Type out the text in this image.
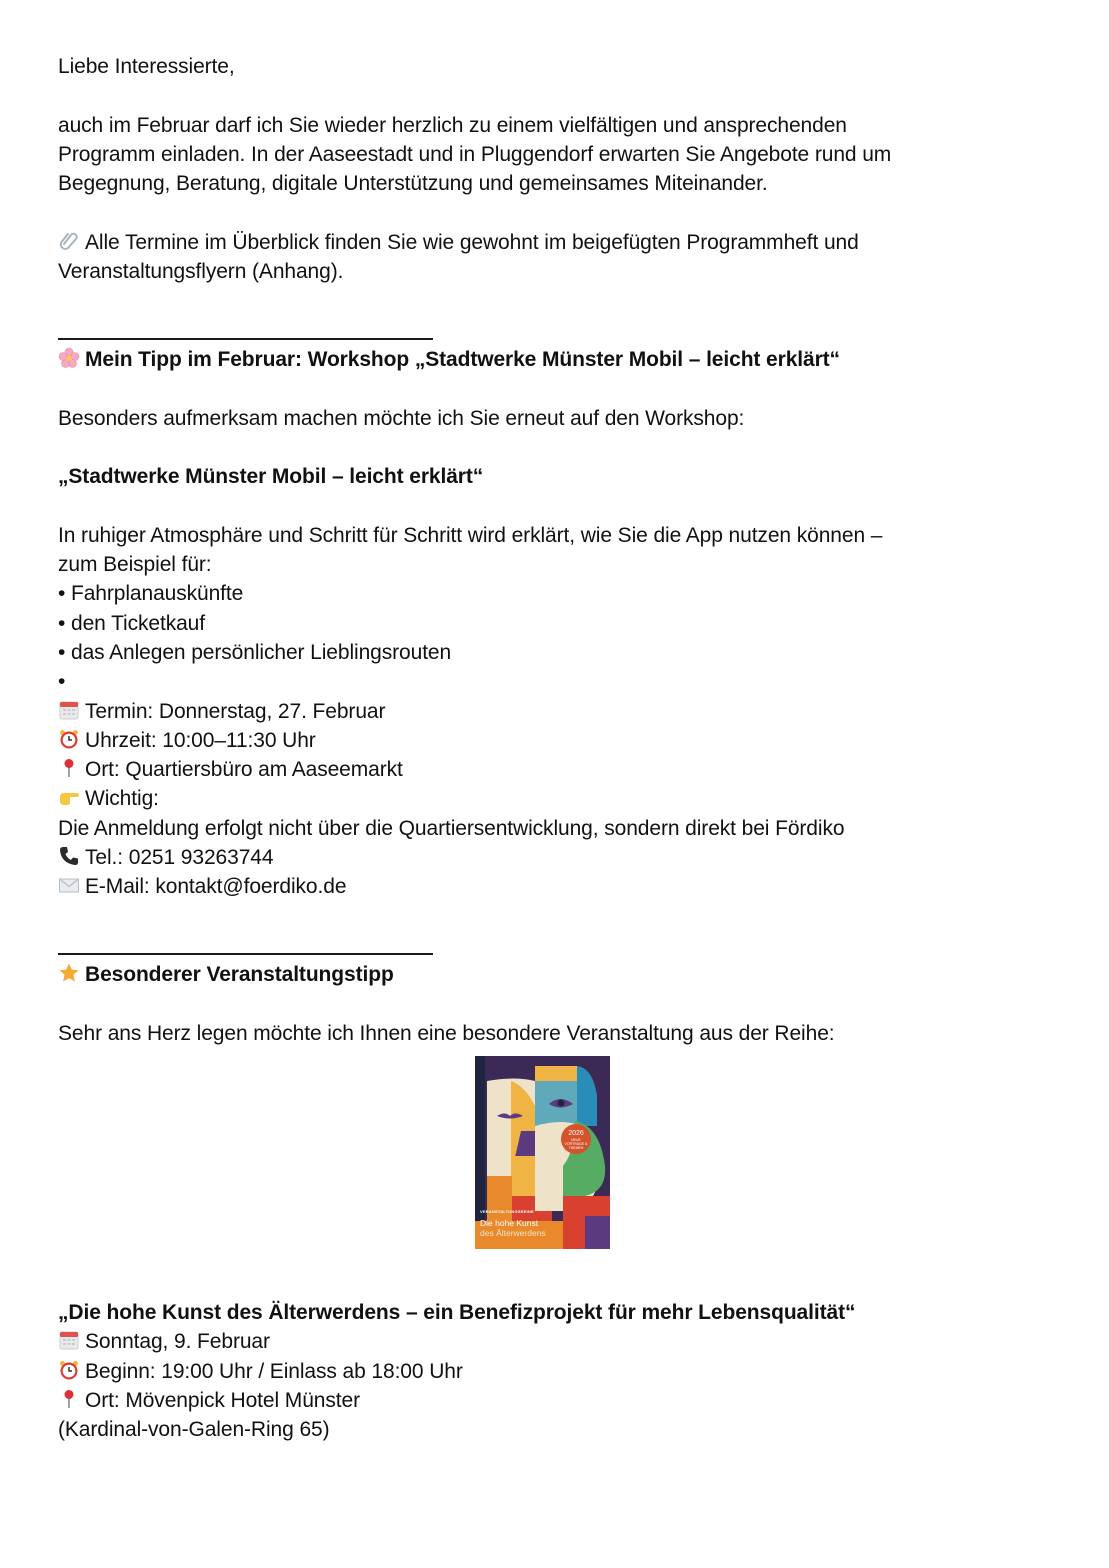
Liebe Interessierte,
auch im Februar darf ich Sie wieder herzlich zu einem vielfältigen und ansprechenden
Programm einladen. In der Aaseestadt und in Pluggendorf erwarten Sie Angebote rund um
Begegnung, Beratung, digitale Unterstützung und gemeinsames Miteinander.
Alle Termine im Überblick finden Sie wie gewohnt im beigefügten Programmheft und
Veranstaltungsflyern (Anhang).
Mein Tipp im Februar: Workshop „Stadtwerke Münster Mobil – leicht erklärt“
Besonders aufmerksam machen möchte ich Sie erneut auf den Workshop:
„Stadtwerke Münster Mobil – leicht erklärt“
In ruhiger Atmosphäre und Schritt für Schritt wird erklärt, wie Sie die App nutzen können –
zum Beispiel für:
• Fahrplanauskünfte
• den Ticketkauf
• das Anlegen persönlicher Lieblingsrouten
•
Termin: Donnerstag, 27. Februar
Uhrzeit: 10:00–11:30 Uhr
Ort: Quartiersbüro am Aaseemarkt
Wichtig:
Die Anmeldung erfolgt nicht über die Quartiersentwicklung, sondern direkt bei Fördiko
Tel.: 0251 93263744
E-Mail: kontakt@foerdiko.de
Besonderer Veranstaltungstipp
Sehr ans Herz legen möchte ich Ihnen eine besondere Veranstaltung aus der Reihe:
2026
NEUE VORTRÄGE & THEMEN
VERANSTALTUNGSREIHE
Die hohe Kunst
des Älterwerdens
„Die hohe Kunst des Älterwerdens – ein Benefizprojekt für mehr Lebensqualität“
Sonntag, 9. Februar
Beginn: 19:00 Uhr / Einlass ab 18:00 Uhr
Ort: Mövenpick Hotel Münster
(Kardinal-von-Galen-Ring 65)
